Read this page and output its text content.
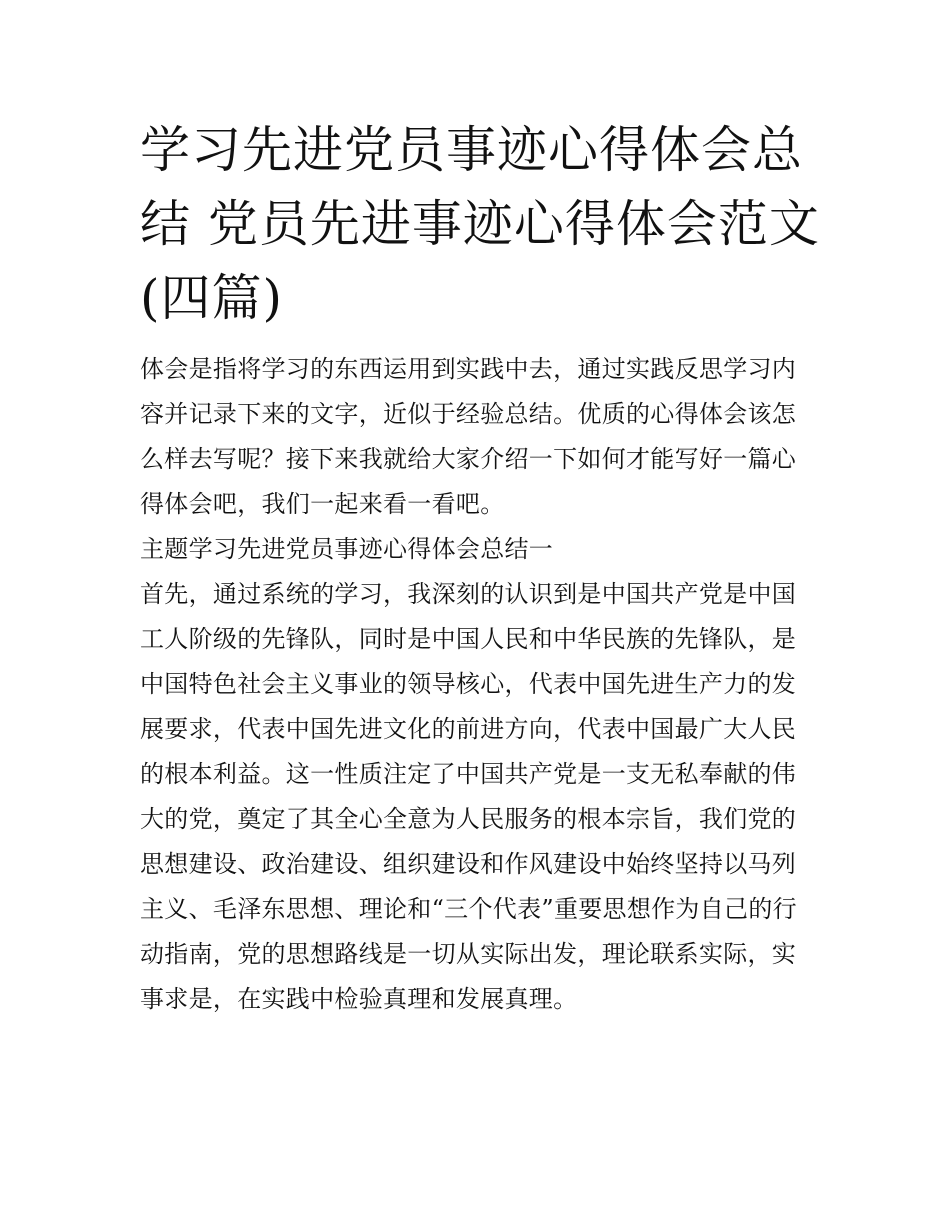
学习先进党员事迹心得体会总
结 党员先进事迹心得体会范文
(四篇)

体会是指将学习的东西运用到实践中去，通过实践反思学习内
容并记录下来的文字，近似于经验总结。优质的心得体会该怎
么样去写呢？接下来我就给大家介绍一下如何才能写好一篇心
得体会吧，我们一起来看一看吧。

主题学习先进党员事迹心得体会总结一

首先，通过系统的学习，我深刻的认识到是中国共产党是中国
工人阶级的先锋队，同时是中国人民和中华民族的先锋队，是
中国特色社会主义事业的领导核心，代表中国先进生产力的发
展要求，代表中国先进文化的前进方向，代表中国最广大人民
的根本利益。这一性质注定了中国共产党是一支无私奉献的伟
大的党，奠定了其全心全意为人民服务的根本宗旨，我们党的
思想建设、政治建设、组织建设和作风建设中始终坚持以马列
主义、毛泽东思想、理论和“三个代表”重要思想作为自己的行
动指南，党的思想路线是一切从实际出发，理论联系实际，实
事求是，在实践中检验真理和发展真理。
